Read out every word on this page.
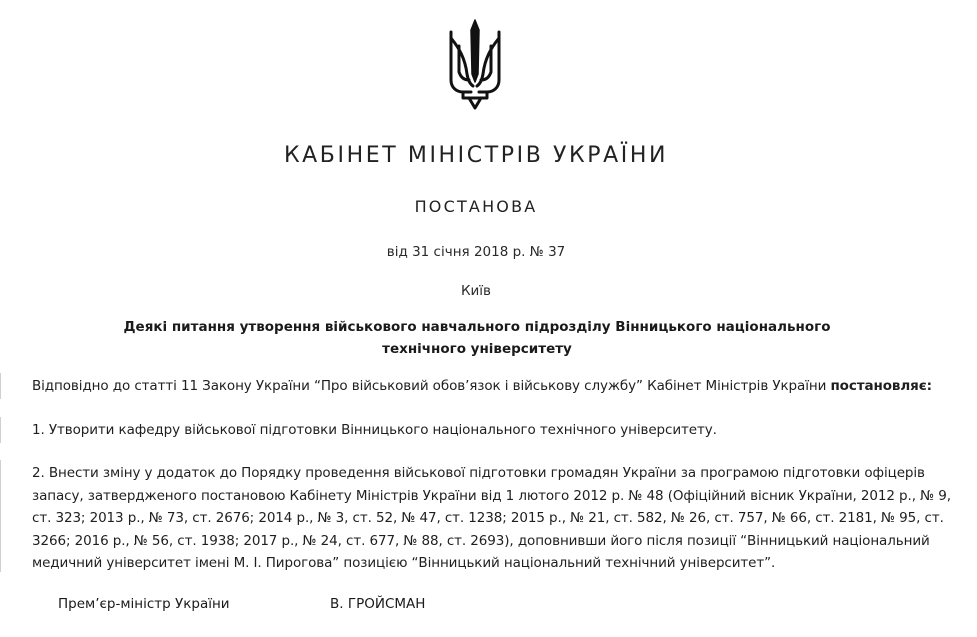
КАБІНЕТ МІНІСТРІВ УКРАЇНИ
ПОСТАНОВА
від 31 січня 2018 р. № 37
Київ
Деякі питання утворення військового навчального підрозділу Вінницького національного технічного університету
Відповідно до статті 11 Закону України “Про військовий обов’язок і військову службу” Кабінет Міністрів України постановляє:
1. Утворити кафедру військової підготовки Вінницького національного технічного університету.
2. Внести зміну у додаток до Порядку проведення військової підготовки громадян України за програмою підготовки офіцерів запасу, затвердженого постановою Кабінету Міністрів України від 1 лютого 2012 р. № 48 (Офіційний вісник України, 2012 р., № 9, ст. 323; 2013 р., № 73, ст. 2676; 2014 р., № 3, ст. 52, № 47, ст. 1238; 2015 р., № 21, ст. 582, № 26, ст. 757, № 66, ст. 2181, № 95, ст. 3266; 2016 р., № 56, ст. 1938; 2017 р., № 24, ст. 677, № 88, ст. 2693), доповнивши його після позиції “Вінницький національний медичний університет імені М. І. Пирогова” позицією “Вінницький національний технічний університет”.
Прем’єр-міністр України	В. ГРОЙСМАН
